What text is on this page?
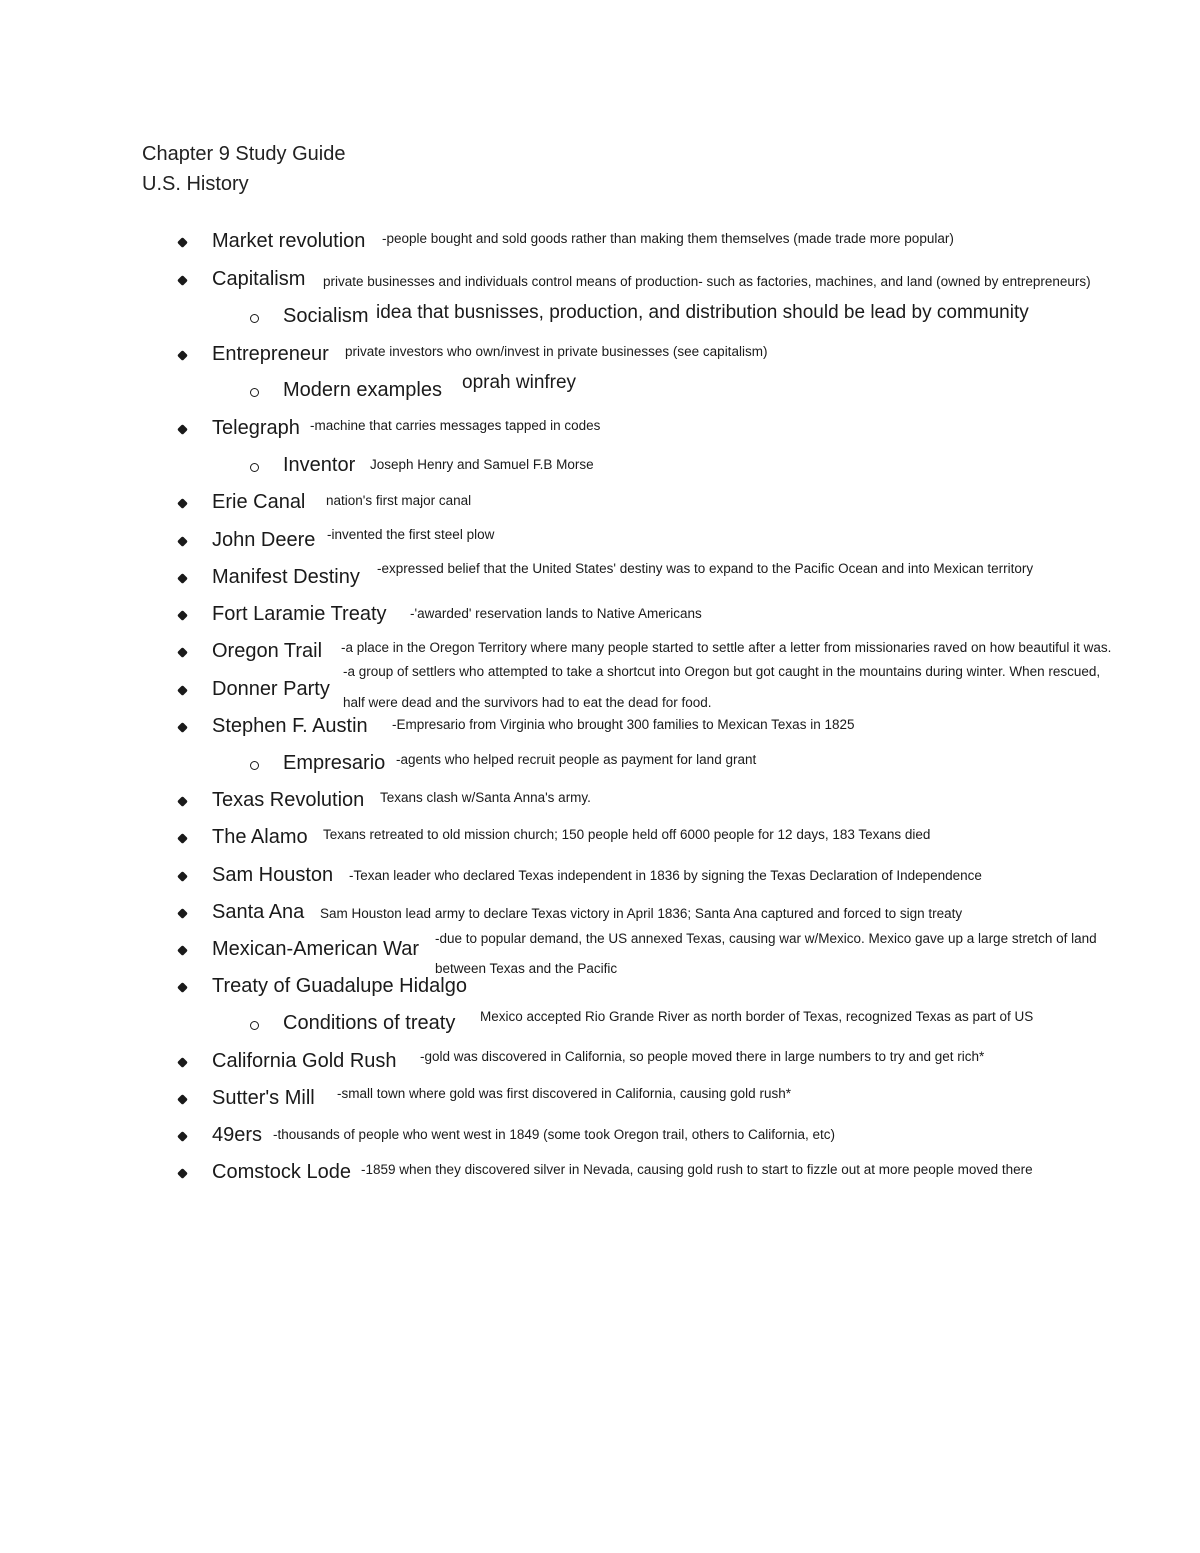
Chapter 9 Study Guide
U.S. History
Market revolution -people bought and sold goods rather than making them themselves (made trade more popular)
Capitalism private businesses and individuals control means of production- such as factories, machines, and land (owned by entrepreneurs)
Socialism idea that busnisses, production, and distribution should be lead by community
Entrepreneur private investors who own/invest in private businesses (see capitalism)
Modern examples oprah winfrey
Telegraph -machine that carries messages tapped in codes
Inventor Joseph Henry and Samuel F.B Morse
Erie Canal nation's first major canal
John Deere -invented the first steel plow
Manifest Destiny -expressed belief that the United States' destiny was to expand to the Pacific Ocean and into Mexican territory
Fort Laramie Treaty -'awarded' reservation lands to Native Americans
Oregon Trail -a place in the Oregon Territory where many people started to settle after a letter from missionaries raved on how beautiful it was.
Donner Party
-a group of settlers who attempted to take a shortcut into Oregon but got caught in the mountains during winter. When rescued,
half were dead and the survivors had to eat the dead for food.
Stephen F. Austin -Empresario from Virginia who brought 300 families to Mexican Texas in 1825
Empresario -agents who helped recruit people as payment for land grant
Texas Revolution Texans clash w/Santa Anna's army.
The Alamo Texans retreated to old mission church; 150 people held off 6000 people for 12 days, 183 Texans died
Sam Houston -Texan leader who declared Texas independent in 1836 by signing the Texas Declaration of Independence
Santa Ana Sam Houston lead army to declare Texas victory in April 1836; Santa Ana captured and forced to sign treaty
Mexican-American War -due to popular demand, the US annexed Texas, causing war w/Mexico. Mexico gave up a large stretch of land
between Texas and the Pacific
Treaty of Guadalupe Hidalgo
Conditions of treaty Mexico accepted Rio Grande River as north border of Texas, recognized Texas as part of US
California Gold Rush -gold was discovered in California, so people moved there in large numbers to try and get rich*
Sutter's Mill -small town where gold was first discovered in California, causing gold rush*
49ers -thousands of people who went west in 1849 (some took Oregon trail, others to California, etc)
Comstock Lode -1859 when they discovered silver in Nevada, causing gold rush to start to fizzle out at more people moved there
